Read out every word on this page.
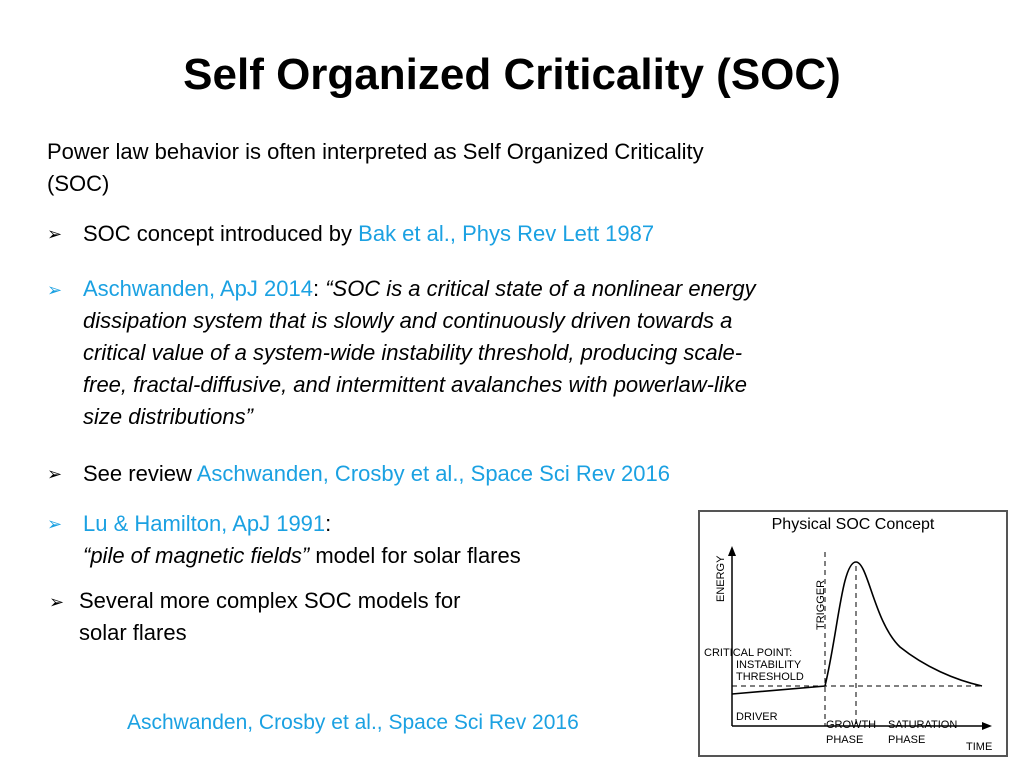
Self Organized Criticality (SOC)
Power law behavior is often interpreted as Self Organized Criticality
(SOC)
➢ SOC concept introduced by Bak et al., Phys Rev Lett 1987
➢ Aschwanden, ApJ 2014: “SOC is a critical state of a nonlinear energy
dissipation system that is slowly and continuously driven towards a
critical value of a system-wide instability threshold, producing scale-
free, fractal-diffusive, and intermittent avalanches with powerlaw-like
size distributions”
➢ See review Aschwanden, Crosby et al., Space Sci Rev 2016
➢ Lu & Hamilton, ApJ 1991:
“pile of magnetic fields” model for solar flares
➢ Several more complex SOC models for
solar flares
Aschwanden, Crosby et al., Space Sci Rev 2016
Physical SOC Concept
ENERGY
TRIGGER
CRITICAL POINT:
INSTABILITY
THRESHOLD
DRIVER
GROWTH
PHASE
SATURATION
PHASE
TIME
